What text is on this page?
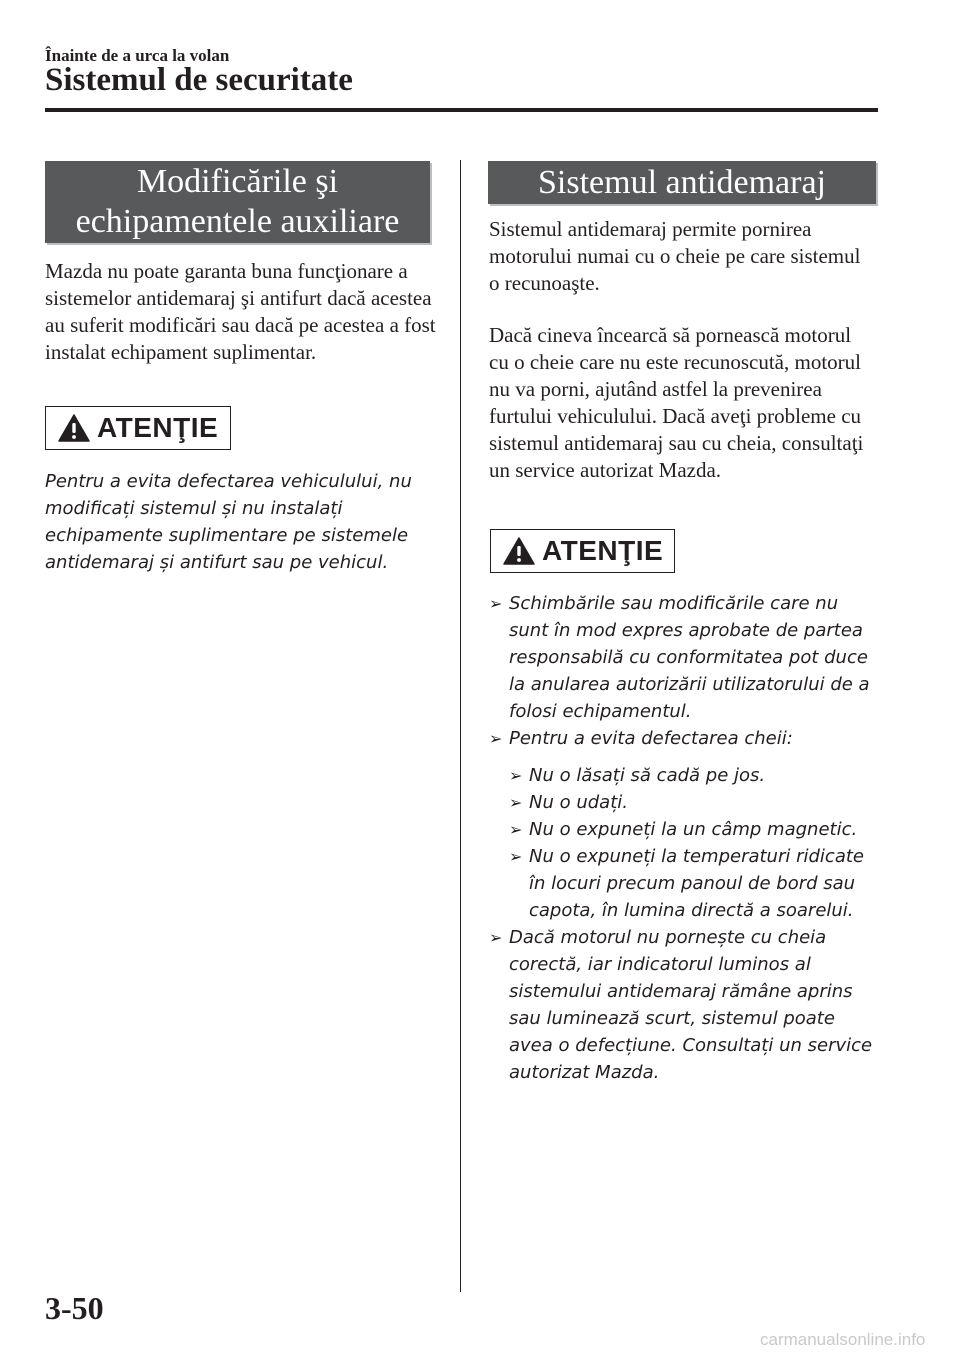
Înainte de a urca la volan
Sistemul de securitate
Modificările şi
echipamentele auxiliare

Mazda nu poate garanta buna funcţionare a sistemelor antidemaraj şi antifurt dacă acestea au suferit modificări sau dacă pe acestea a fost instalat echipament suplimentar.

ATENŢIE

Pentru a evita defectarea vehiculului, nu modificați sistemul și nu instalați echipamente suplimentare pe sistemele antidemaraj și antifurt sau pe vehicul.

Sistemul antidemaraj

Sistemul antidemaraj permite pornirea motorului numai cu o cheie pe care sistemul o recunoaşte.

Dacă cineva încearcă să pornească motorul cu o cheie care nu este recunoscută, motorul nu va porni, ajutând astfel la prevenirea furtului vehiculului. Dacă aveţi probleme cu sistemul antidemaraj sau cu cheia, consultaţi un service autorizat Mazda.

ATENŢIE
➢ Schimbările sau modificările care nu sunt în mod expres aprobate de partea responsabilă cu conformitatea pot duce la anularea autorizării utilizatorului de a folosi echipamentul.
➢ Pentru a evita defectarea cheii:
➢ Nu o lăsați să cadă pe jos.
➢ Nu o udați.
➢ Nu o expuneți la un câmp magnetic.
➢ Nu o expuneți la temperaturi ridicate în locuri precum panoul de bord sau capota, în lumina directă a soarelui.
➢ Dacă motorul nu pornește cu cheia corectă, iar indicatorul luminos al sistemului antidemaraj rămâne aprins sau luminează scurt, sistemul poate avea o defecțiune. Consultați un service autorizat Mazda.
3-50
carmanualsonline.info
